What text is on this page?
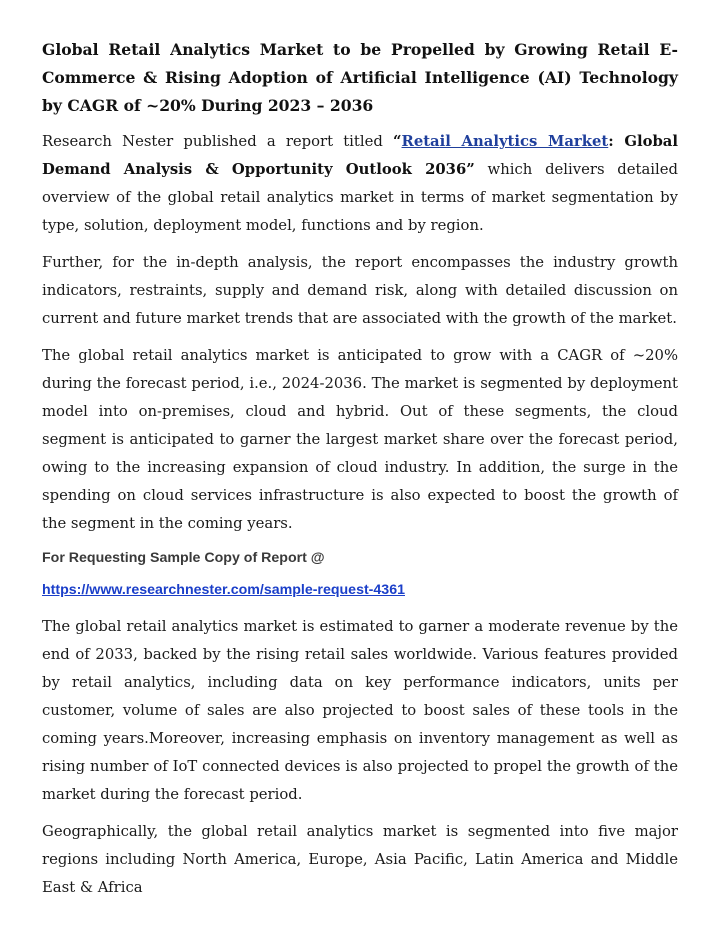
Global Retail Analytics Market to be Propelled by Growing Retail E-Commerce & Rising Adoption of Artificial Intelligence (AI) Technology by CAGR of ~20% During 2023 – 2036

Research Nester published a report titled “Retail Analytics Market: Global Demand Analysis & Opportunity Outlook 2036” which delivers detailed overview of the global retail analytics market in terms of market segmentation by type, solution, deployment model, functions and by region.

Further, for the in-depth analysis, the report encompasses the industry growth indicators, restraints, supply and demand risk, along with detailed discussion on current and future market trends that are associated with the growth of the market.

The global retail analytics market is anticipated to grow with a CAGR of ~20% during the forecast period, i.e., 2024-2036. The market is segmented by deployment model into on-premises, cloud and hybrid. Out of these segments, the cloud segment is anticipated to garner the largest market share over the forecast period, owing to the increasing expansion of cloud industry. In addition, the surge in the spending on cloud services infrastructure is also expected to boost the growth of the segment in the coming years.

For Requesting Sample Copy of Report @
https://www.researchnester.com/sample-request-4361

The global retail analytics market is estimated to garner a moderate revenue by the end of 2033, backed by the rising retail sales worldwide. Various features provided by retail analytics, including data on key performance indicators, units per customer, volume of sales are also projected to boost sales of these tools in the coming years.Moreover, increasing emphasis on inventory management as well as rising number of IoT connected devices is also projected to propel the growth of the market during the forecast period.

Geographically, the global retail analytics market is segmented into five major regions including North America, Europe, Asia Pacific, Latin America and Middle East & Africa
